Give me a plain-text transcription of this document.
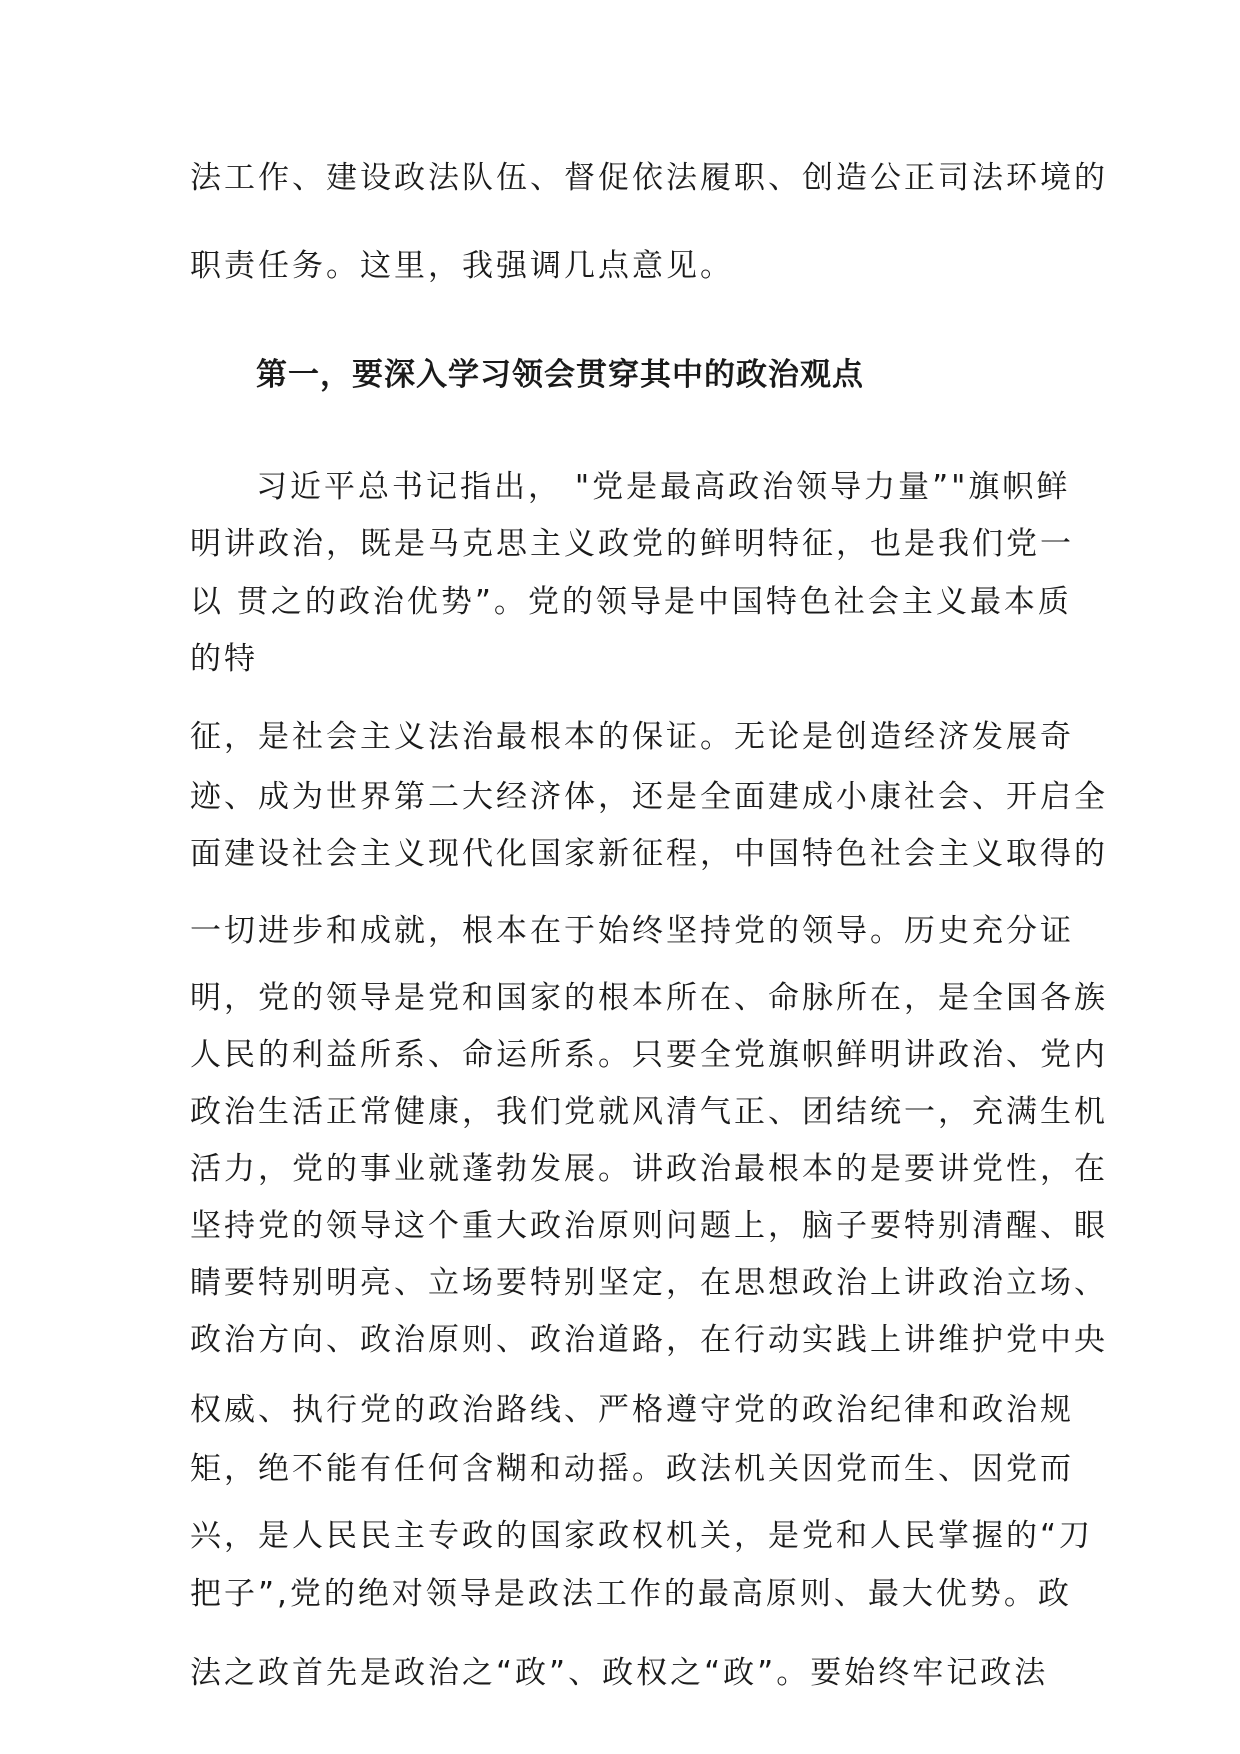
法工作、建设政法队伍、督促依法履职、创造公正司法环境的
职责任务。这里，我强调几点意见。
第一，要深入学习领会贯穿其中的政治观点
习近平总书记指出， "党是最高政治领导力量”"旗帜鲜
明讲政治，既是马克思主义政党的鲜明特征，也是我们党一
以 贯之的政治优势”。党的领导是中国特色社会主义最本质
的特
征，是社会主义法治最根本的保证。无论是创造经济发展奇
迹、成为世界第二大经济体，还是全面建成小康社会、开启全
面建设社会主义现代化国家新征程，中国特色社会主义取得的
一切进步和成就，根本在于始终坚持党的领导。历史充分证
明，党的领导是党和国家的根本所在、命脉所在，是全国各族
人民的利益所系、命运所系。只要全党旗帜鲜明讲政治、党内
政治生活正常健康，我们党就风清气正、团结统一，充满生机
活力，党的事业就蓬勃发展。讲政治最根本的是要讲党性，在
坚持党的领导这个重大政治原则问题上，脑子要特别清醒、眼
睛要特别明亮、立场要特别坚定，在思想政治上讲政治立场、
政治方向、政治原则、政治道路，在行动实践上讲维护党中央
权威、执行党的政治路线、严格遵守党的政治纪律和政治规
矩，绝不能有任何含糊和动摇。政法机关因党而生、因党而
兴，是人民民主专政的国家政权机关，是党和人民掌握的“刀
把子”,党的绝对领导是政法工作的最高原则、最大优势。政
法之政首先是政治之“政”、政权之“政”。要始终牢记政法
